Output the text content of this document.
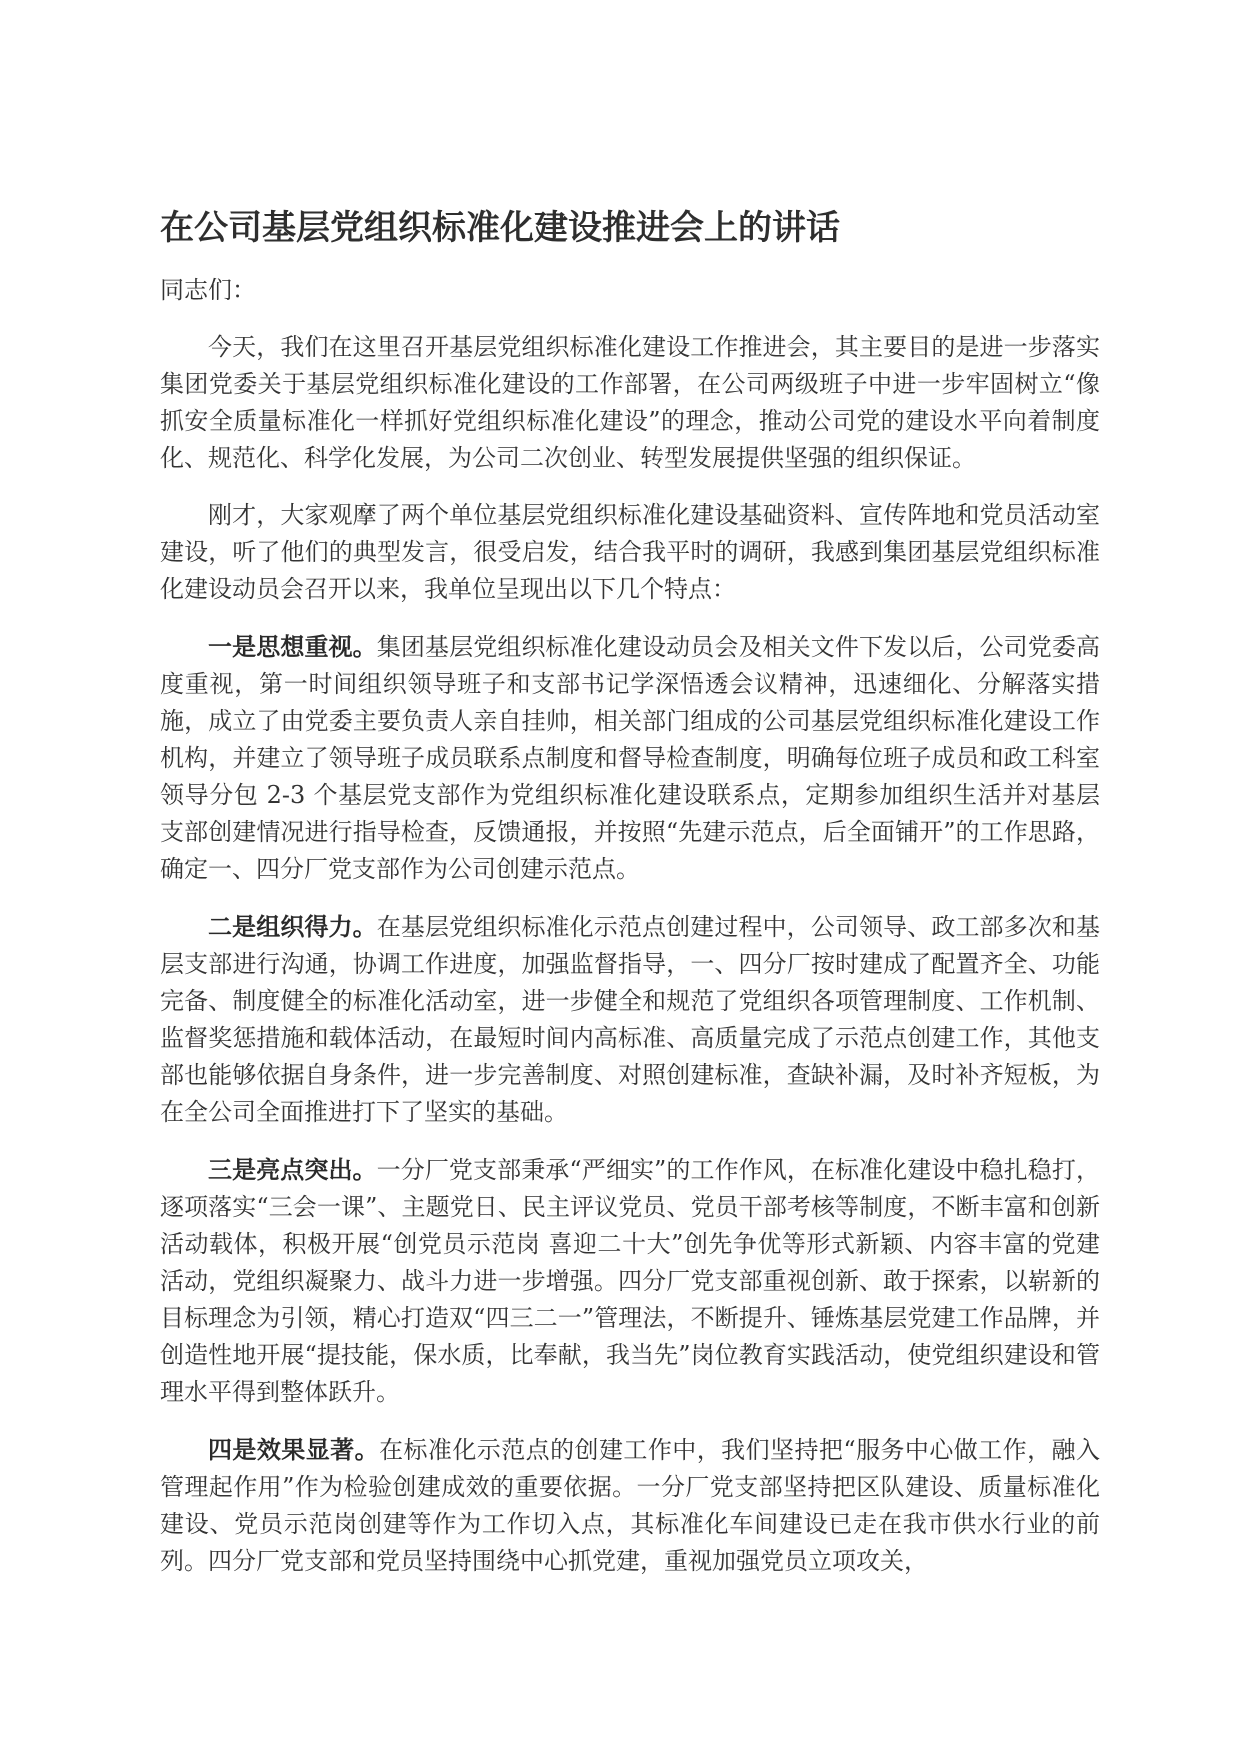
在公司基层党组织标准化建设推进会上的讲话

同志们：

今天，我们在这里召开基层党组织标准化建设工作推进会，其主要目的是进一步落实集团党委关于基层党组织标准化建设的工作部署，在公司两级班子中进一步牢固树立“像抓安全质量标准化一样抓好党组织标准化建设”的理念，推动公司党的建设水平向着制度化、规范化、科学化发展，为公司二次创业、转型发展提供坚强的组织保证。

刚才，大家观摩了两个单位基层党组织标准化建设基础资料、宣传阵地和党员活动室建设，听了他们的典型发言，很受启发，结合我平时的调研，我感到集团基层党组织标准化建设动员会召开以来，我单位呈现出以下几个特点：

一是思想重视。集团基层党组织标准化建设动员会及相关文件下发以后，公司党委高度重视，第一时间组织领导班子和支部书记学深悟透会议精神，迅速细化、分解落实措施，成立了由党委主要负责人亲自挂帅，相关部门组成的公司基层党组织标准化建设工作机构，并建立了领导班子成员联系点制度和督导检查制度，明确每位班子成员和政工科室领导分包 2-3 个基层党支部作为党组织标准化建设联系点，定期参加组织生活并对基层支部创建情况进行指导检查，反馈通报，并按照“先建示范点，后全面铺开”的工作思路，确定一、四分厂党支部作为公司创建示范点。

二是组织得力。在基层党组织标准化示范点创建过程中，公司领导、政工部多次和基层支部进行沟通，协调工作进度，加强监督指导，一、四分厂按时建成了配置齐全、功能完备、制度健全的标准化活动室，进一步健全和规范了党组织各项管理制度、工作机制、监督奖惩措施和载体活动，在最短时间内高标准、高质量完成了示范点创建工作，其他支部也能够依据自身条件，进一步完善制度、对照创建标准，查缺补漏，及时补齐短板，为在全公司全面推进打下了坚实的基础。

三是亮点突出。一分厂党支部秉承“严细实”的工作作风，在标准化建设中稳扎稳打，逐项落实“三会一课”、主题党日、民主评议党员、党员干部考核等制度，不断丰富和创新活动载体，积极开展“创党员示范岗 喜迎二十大”创先争优等形式新颖、内容丰富的党建活动，党组织凝聚力、战斗力进一步增强。四分厂党支部重视创新、敢于探索，以崭新的目标理念为引领，精心打造双“四三二一”管理法，不断提升、锤炼基层党建工作品牌，并创造性地开展“提技能，保水质，比奉献，我当先”岗位教育实践活动，使党组织建设和管理水平得到整体跃升。

四是效果显著。在标准化示范点的创建工作中，我们坚持把“服务中心做工作，融入管理起作用”作为检验创建成效的重要依据。一分厂党支部坚持把区队建设、质量标准化建设、党员示范岗创建等作为工作切入点，其标准化车间建设已走在我市供水行业的前列。四分厂党支部和党员坚持围绕中心抓党建，重视加强党员立项攻关，
